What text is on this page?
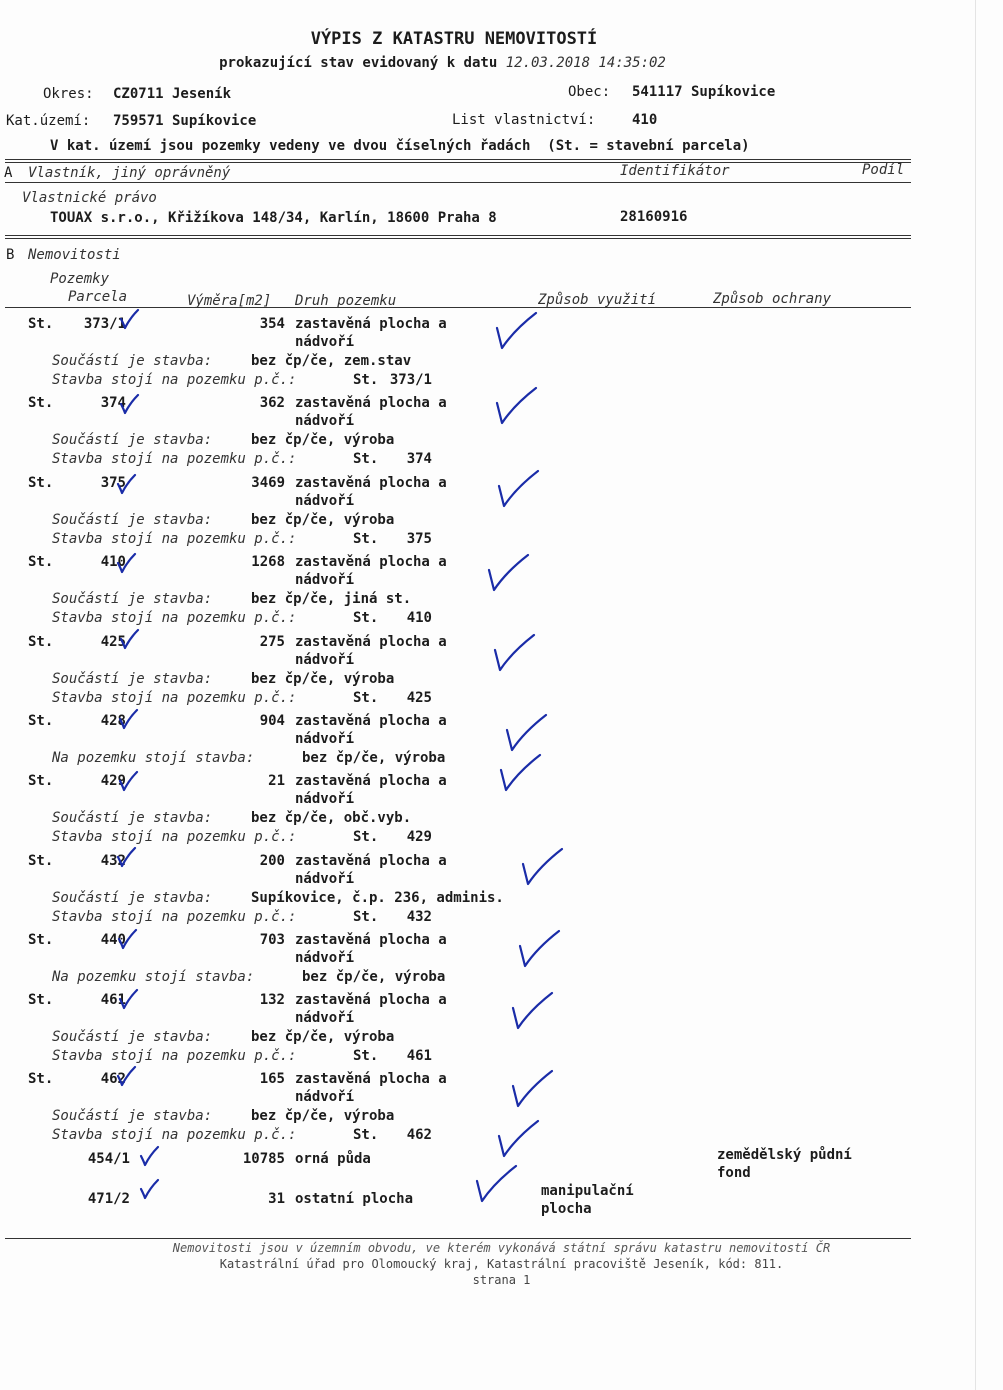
VÝPIS Z KATASTRU NEMOVITOSTÍ
prokazující stav evidovaný k datu 12.03.2018 14:35:02
Okres: CZ0711 Jeseník	Obec: 541117 Supíkovice
Kat.území: 759571 Supíkovice	List vlastnictví:	410
V kat. území jsou pozemky vedeny ve dvou číselných řadách  (St. = stavební parcela)
A Vlastník, jiný oprávněný	Identifikátor	Podíl
Vlastnické právo
TOUAX s.r.o., Křižíkova 148/34, Karlín, 18600 Praha 8	28160916
B Nemovitosti
Pozemky
Parcela	Výměra[m2] Druh pozemku	Způsob využití	Způsob ochrany
St.	373/1	354 zastavěná plocha a
nádvoří
Součástí je stavba:	bez čp/če, zem.stav
Stavba stojí na pozemku p.č.:	St. 373/1
St.	374	362 zastavěná plocha a
nádvoří
Součástí je stavba:	bez čp/če, výroba
Stavba stojí na pozemku p.č.:	St.	374
St.	375	3469 zastavěná plocha a
nádvoří
Součástí je stavba:	bez čp/če, výroba
Stavba stojí na pozemku p.č.:	St.	375
St.	410	1268 zastavěná plocha a
nádvoří
Součástí je stavba:	bez čp/če, jiná st.
Stavba stojí na pozemku p.č.:	St.	410
St.	425	275 zastavěná plocha a
nádvoří
Součástí je stavba:	bez čp/če, výroba
Stavba stojí na pozemku p.č.:	St.	425
St.	428	904 zastavěná plocha a
nádvoří
Na pozemku stojí stavba:	bez čp/če, výroba
St.	429	21 zastavěná plocha a
nádvoří
Součástí je stavba:	bez čp/če, obč.vyb.
Stavba stojí na pozemku p.č.:	St.	429
St.	432	200 zastavěná plocha a
nádvoří
Součástí je stavba:	Supíkovice, č.p. 236, adminis.
Stavba stojí na pozemku p.č.:	St.	432
St.	440	703 zastavěná plocha a
nádvoří
Na pozemku stojí stavba:	bez čp/če, výroba
St.	461	132 zastavěná plocha a
nádvoří
Součástí je stavba:	bez čp/če, výroba
Stavba stojí na pozemku p.č.:	St.	461
St.	462	165 zastavěná plocha a
nádvoří
Součástí je stavba:	bez čp/če, výroba
Stavba stojí na pozemku p.č.:	St.	462
454/1	10785 orná půda	zemědělský půdní
fond
471/2	31 ostatní plocha	manipulační
plocha
Nemovitosti jsou v územním obvodu, ve kterém vykonává státní správu katastru nemovitostí ČR
Katastrální úřad pro Olomoucký kraj, Katastrální pracoviště Jeseník, kód: 811.
strana 1
